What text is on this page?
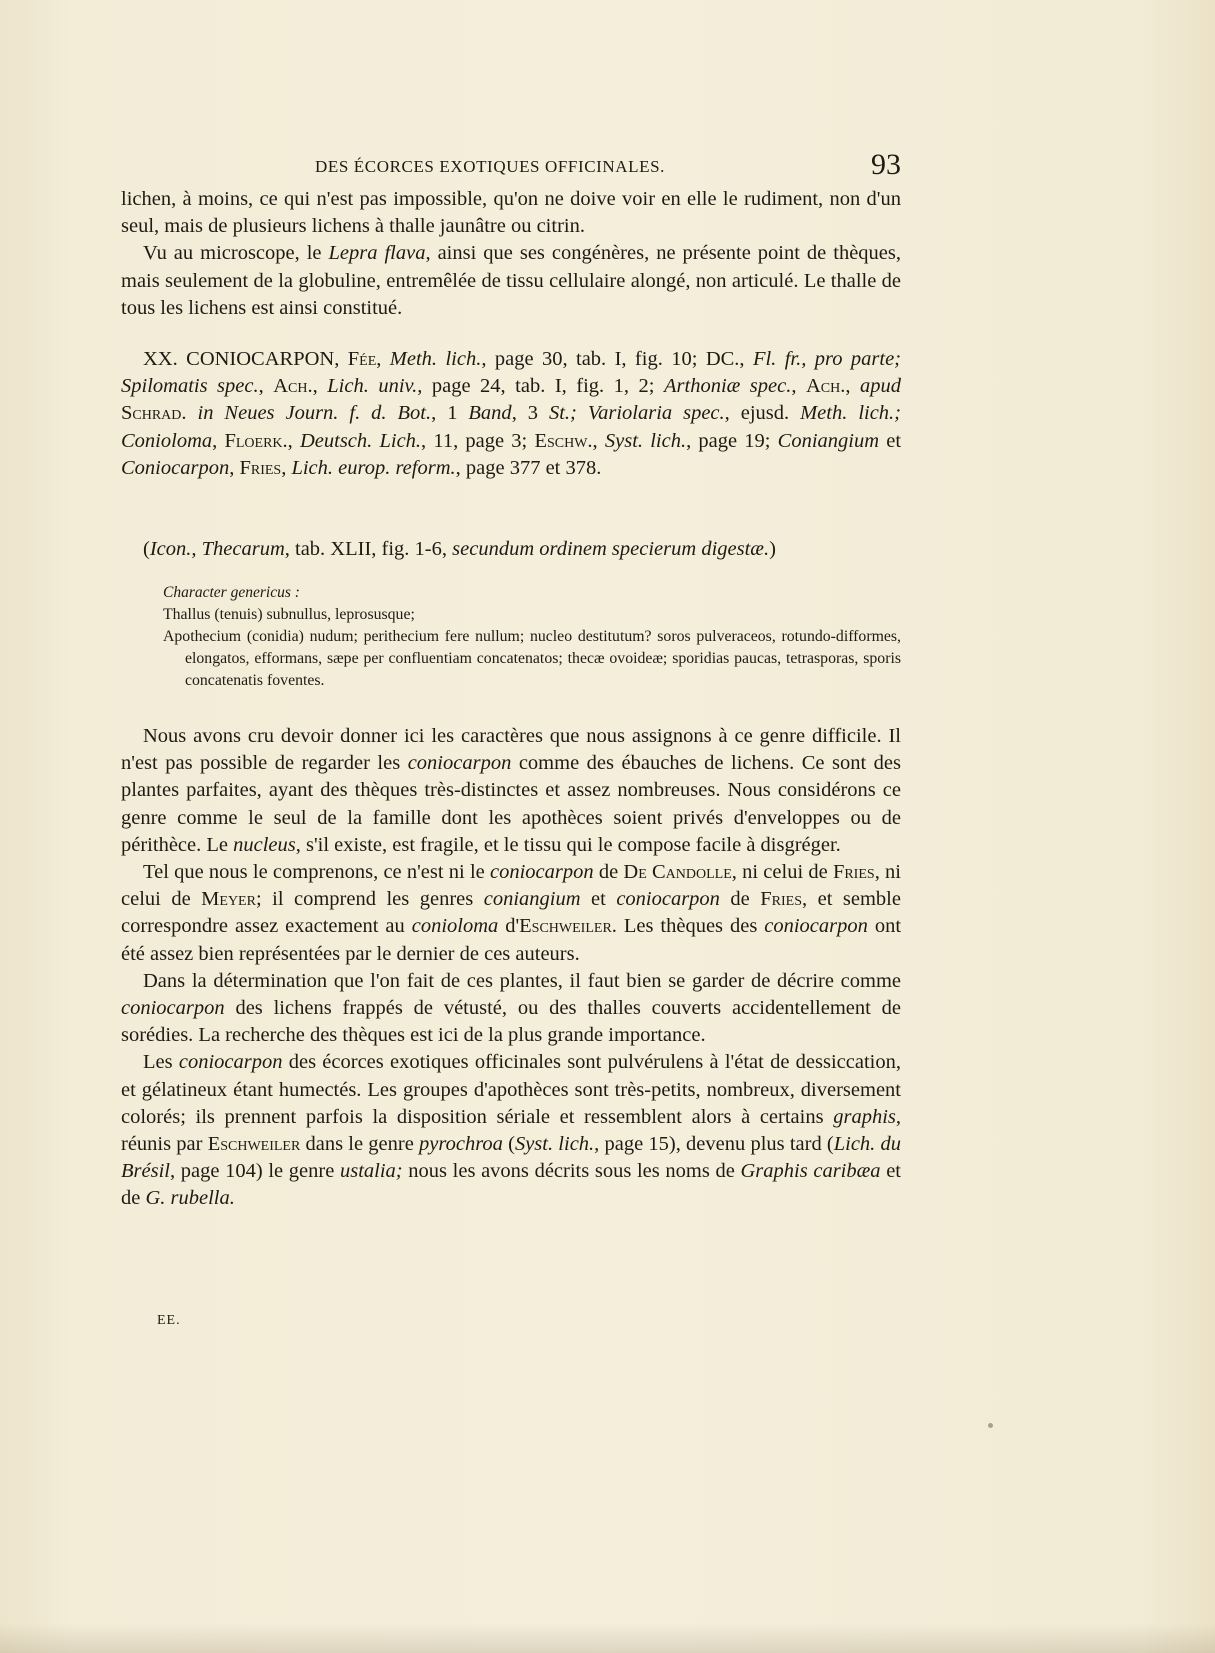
DES ÉCORCES EXOTIQUES OFFICINALES.	93

lichen, à moins, ce qui n'est pas impossible, qu'on ne doive voir en elle le rudiment, non d'un seul, mais de plusieurs lichens à thalle jaunâtre ou citrin.

Vu au microscope, le Lepra flava, ainsi que ses congénères, ne présente point de thèques, mais seulement de la globuline, entremêlée de tissu cellulaire alongé, non articulé. Le thalle de tous les lichens est ainsi constitué.

XX. CONIOCARPON, Fée, Meth. lich., page 30, tab. I, fig. 10; DC., Fl. fr., pro parte; Spilomatis spec., Ach., Lich. univ., page 24, tab. I, fig. 1, 2; Arthoniæ spec., Ach., apud Schrad. in Neues Journ. f. d. Bot., 1 Band, 3 St.; Variolaria spec., ejusd. Meth. lich.; Conioloma, Floerk., Deutsch. Lich., 11, page 3; Eschw., Syst. lich., page 19; Coniangium et Coniocarpon, Fries, Lich. europ. reform., page 377 et 378.

(Icon., Thecarum, tab. XLII, fig. 1-6, secundum ordinem specierum digestæ.)

Character genericus :

Thallus (tenuis) subnullus, leprosusque;

Apothecium (conidia) nudum; perithecium fere nullum; nucleo destitutum? soros pulveraceos, rotundo-difformes, elongatos, efformans, sæpe per confluentiam concatenatos; thecæ ovoideæ; sporidias paucas, tetrasporas, sporis concatenatis foventes.

Nous avons cru devoir donner ici les caractères que nous assignons à ce genre difficile. Il n'est pas possible de regarder les coniocarpon comme des ébauches de lichens. Ce sont des plantes parfaites, ayant des thèques très-distinctes et assez nombreuses. Nous considérons ce genre comme le seul de la famille dont les apothèces soient privés d'enveloppes ou de périthèce. Le nucleus, s'il existe, est fragile, et le tissu qui le compose facile à disgréger.

Tel que nous le comprenons, ce n'est ni le coniocarpon de De Candolle, ni celui de Fries, ni celui de Meyer; il comprend les genres coniangium et coniocarpon de Fries, et semble correspondre assez exactement au conioloma d'Eschweiler. Les thèques des coniocarpon ont été assez bien représentées par le dernier de ces auteurs.

Dans la détermination que l'on fait de ces plantes, il faut bien se garder de décrire comme coniocarpon des lichens frappés de vétusté, ou des thalles couverts accidentellement de sorédies. La recherche des thèques est ici de la plus grande importance.

Les coniocarpon des écorces exotiques officinales sont pulvérulens à l'état de dessiccation, et gélatineux étant humectés. Les groupes d'apothèces sont très-petits, nombreux, diversement colorés; ils prennent parfois la disposition sériale et ressemblent alors à certains graphis, réunis par Eschweiler dans le genre pyrochroa (Syst. lich., page 15), devenu plus tard (Lich. du Brésil, page 104) le genre ustalia; nous les avons décrits sous les noms de Graphis caribæa et de G. rubella.

EE.
